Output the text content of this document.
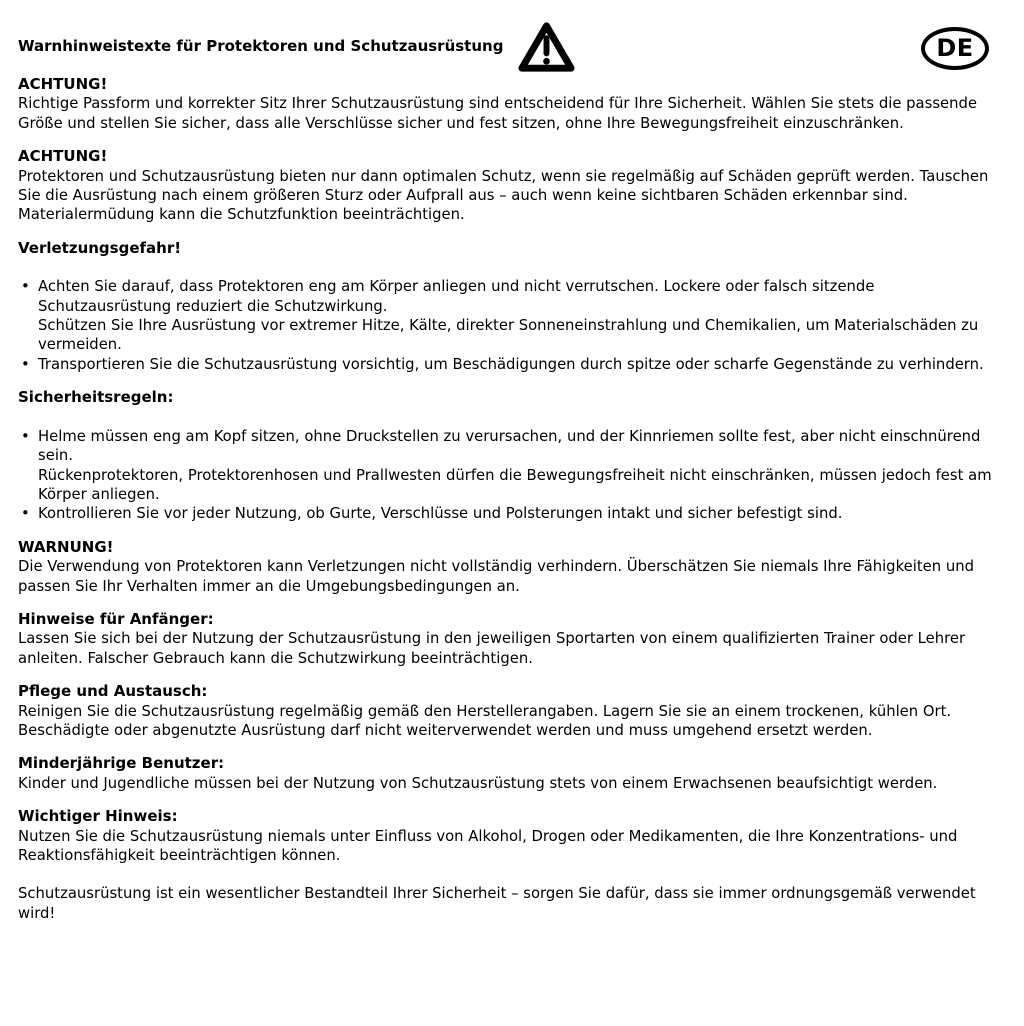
Warnhinweistexte für Protektoren und Schutzausrüstung	DE
ACHTUNG!

Richtige Passform und korrekter Sitz Ihrer Schutzausrüstung sind entscheidend für Ihre Sicherheit. Wählen Sie stets die passende Größe und stellen Sie sicher, dass alle Verschlüsse sicher und fest sitzen, ohne Ihre Bewegungsfreiheit einzuschränken.

ACHTUNG!

Protektoren und Schutzausrüstung bieten nur dann optimalen Schutz, wenn sie regelmäßig auf Schäden geprüft werden. Tauschen Sie die Ausrüstung nach einem größeren Sturz oder Aufprall aus – auch wenn keine sichtbaren Schäden erkennbar sind. Materialermüdung kann die Schutzfunktion beeinträchtigen.

Verletzungsgefahr!

• Achten Sie darauf, dass Protektoren eng am Körper anliegen und nicht verrutschen. Lockere oder falsch sitzende Schutzausrüstung reduziert die Schutzwirkung.

Schützen Sie Ihre Ausrüstung vor extremer Hitze, Kälte, direkter Sonneneinstrahlung und Chemikalien, um Materialschäden zu vermeiden.

• Transportieren Sie die Schutzausrüstung vorsichtig, um Beschädigungen durch spitze oder scharfe Gegenstände zu verhindern.

Sicherheitsregeln:

• Helme müssen eng am Kopf sitzen, ohne Druckstellen zu verursachen, und der Kinnriemen sollte fest, aber nicht einschnürend sein.

Rückenprotektoren, Protektorenhosen und Prallwesten dürfen die Bewegungsfreiheit nicht einschränken, müssen jedoch fest am Körper anliegen.

• Kontrollieren Sie vor jeder Nutzung, ob Gurte, Verschlüsse und Polsterungen intakt und sicher befestigt sind.

WARNUNG!

Die Verwendung von Protektoren kann Verletzungen nicht vollständig verhindern. Überschätzen Sie niemals Ihre Fähigkeiten und passen Sie Ihr Verhalten immer an die Umgebungsbedingungen an.

Hinweise für Anfänger:

Lassen Sie sich bei der Nutzung der Schutzausrüstung in den jeweiligen Sportarten von einem qualifizierten Trainer oder Lehrer anleiten. Falscher Gebrauch kann die Schutzwirkung beeinträchtigen.

Pflege und Austausch:

Reinigen Sie die Schutzausrüstung regelmäßig gemäß den Herstellerangaben. Lagern Sie sie an einem trockenen, kühlen Ort. Beschädigte oder abgenutzte Ausrüstung darf nicht weiterverwendet werden und muss umgehend ersetzt werden.

Minderjährige Benutzer:

Kinder und Jugendliche müssen bei der Nutzung von Schutzausrüstung stets von einem Erwachsenen beaufsichtigt werden.

Wichtiger Hinweis:

Nutzen Sie die Schutzausrüstung niemals unter Einfluss von Alkohol, Drogen oder Medikamenten, die Ihre Konzentrations- und Reaktionsfähigkeit beeinträchtigen können.

Schutzausrüstung ist ein wesentlicher Bestandteil Ihrer Sicherheit – sorgen Sie dafür, dass sie immer ordnungsgemäß verwendet wird!
